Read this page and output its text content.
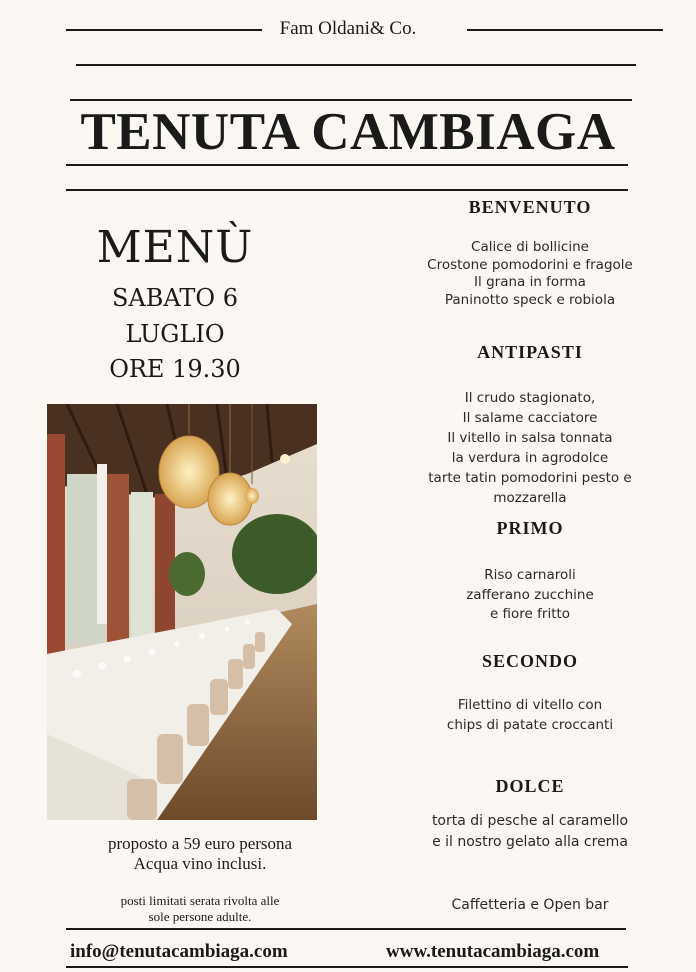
Fam Oldani& Co.
TENUTA CAMBIAGA
MENÙ
SABATO 6
LUGLIO
ORE 19.30
proposto a 59 euro persona
Acqua vino inclusi.
posti limitati serata rivolta alle
sole persone adulte.
BENVENUTO
Calice di bollicine
Crostone pomodorini e fragole
Il grana in forma
Paninotto speck e robiola
ANTIPASTI
Il crudo stagionato,
Il salame cacciatore
Il vitello in salsa tonnata
la verdura in agrodolce
tarte tatin pomodorini pesto e
mozzarella
PRIMO
Riso carnaroli
zafferano zucchine
e fiore fritto
SECONDO
Filettino di vitello con
chips di patate croccanti
DOLCE
torta di pesche al caramello
e il nostro gelato alla crema
Caffetteria e Open bar
info@tenutacambiaga.com	www.tenutacambiaga.com
